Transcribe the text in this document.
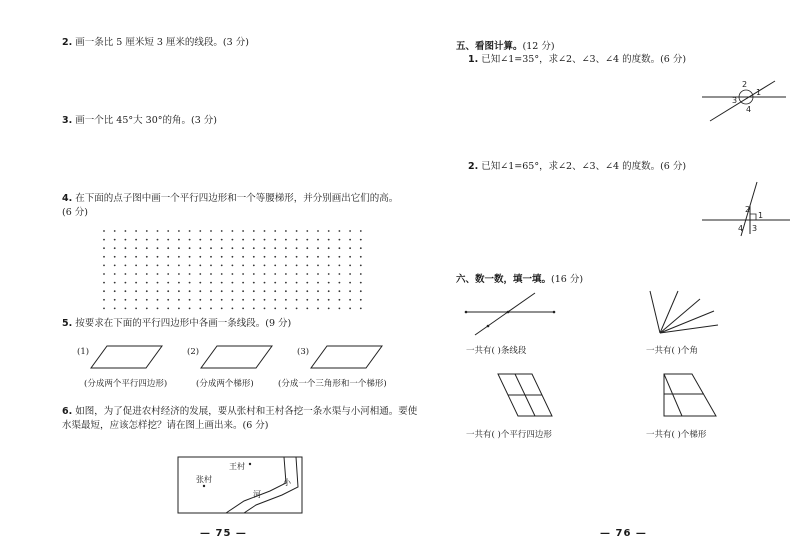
2. 画一条比 5 厘米短 3 厘米的线段。(3 分)
3. 画一个比 45°大 30°的角。(3 分)
4. 在下面的点子图中画一个平行四边形和一个等腰梯形，并分别画出它们的高。
(6 分)
5. 按要求在下面的平行四边形中各画一条线段。(9 分)
(1)	(2)	(3)
(分成两个平行四边形)	(分成两个梯形)	(分成一个三角形和一个梯形)
6. 如图，为了促进农村经济的发展，要从张村和王村各挖一条水渠与小河相通。要使
水渠最短，应该怎样挖？请在图上画出来。(6 分)
王村
张村
河
小
— 75 —
五、看图计算。(12 分)
1. 已知∠1=35°，求∠2、∠3、∠4 的度数。(6 分)
1
2
3
4
2. 已知∠1=65°，求∠2、∠3、∠4 的度数。(6 分)
1
2
3
4
六、数一数，填一填。(16 分)
一共有( )条线段	一共有( )个角
一共有( )个平行四边形	一共有( )个梯形
— 76 —
